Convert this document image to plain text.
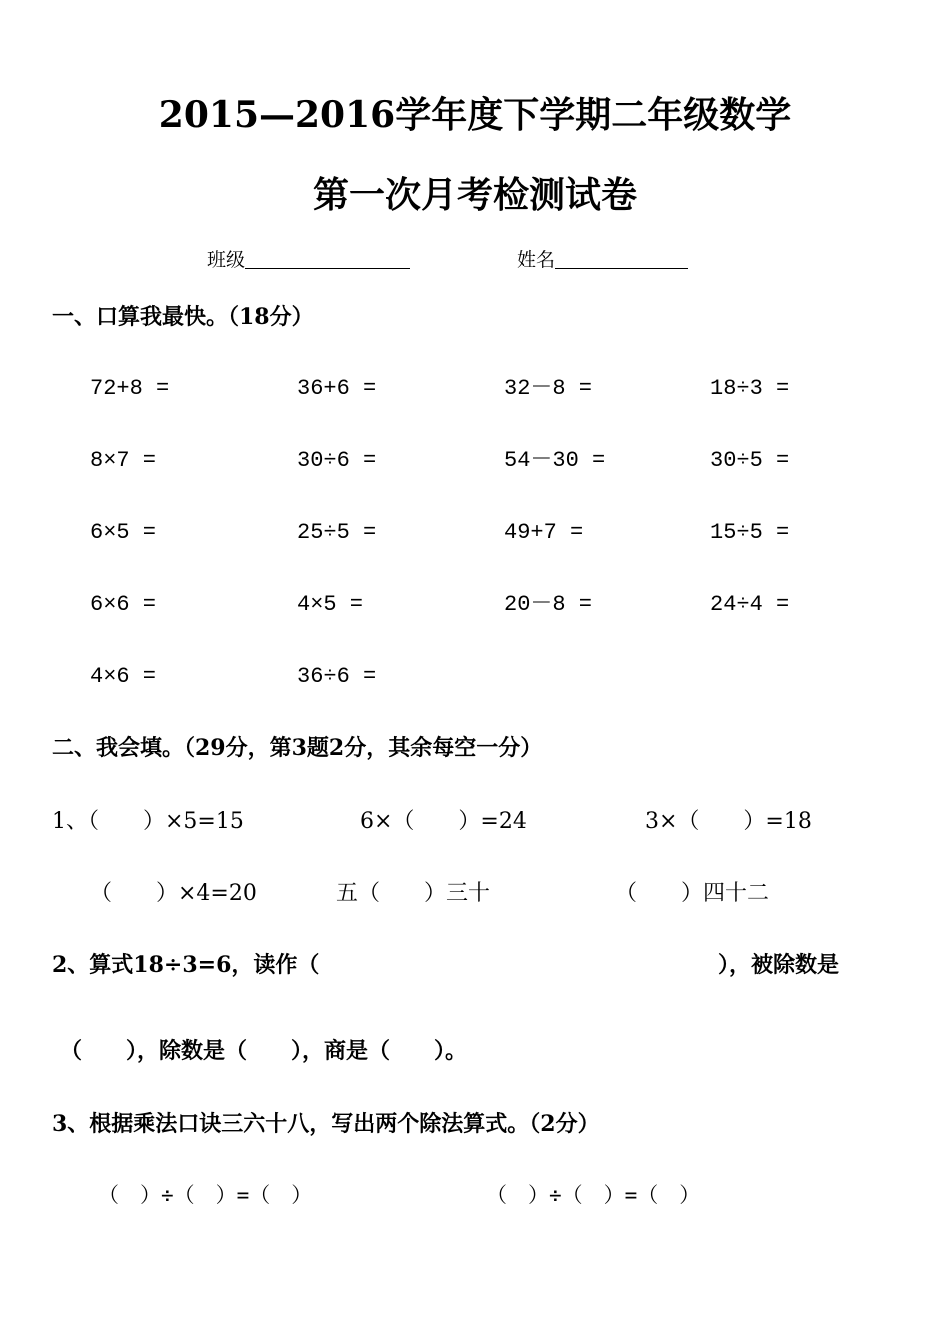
2015—2016学年度下学期二年级数学
第一次月考检测试卷
班级	姓名
一、口算我最快。（18分）
72+8 =	36+6 =	32－8 =	18÷3 =
8×7 =	30÷6 =	54－30 =	30÷5 =
6×5 =	25÷5 =	49+7 =	15÷5 =
6×6 =	4×5 =	20－8 =	24÷4 =
4×6 =	36÷6 =
二、我会填。（29分，第3题2分，其余每空一分）
1、（　　）×5=15	6×（　　）=24	3×（　　）=18
（　　）×4=20	五（　　）三十	（　　）四十二
2、算式18÷3=6，读作（	），被除数是
（　　），除数是（　　），商是（　　）。
3、根据乘法口诀三六十八，写出两个除法算式。（2分）
（　）÷（　）=（　）	（　）÷（　）=（　）
